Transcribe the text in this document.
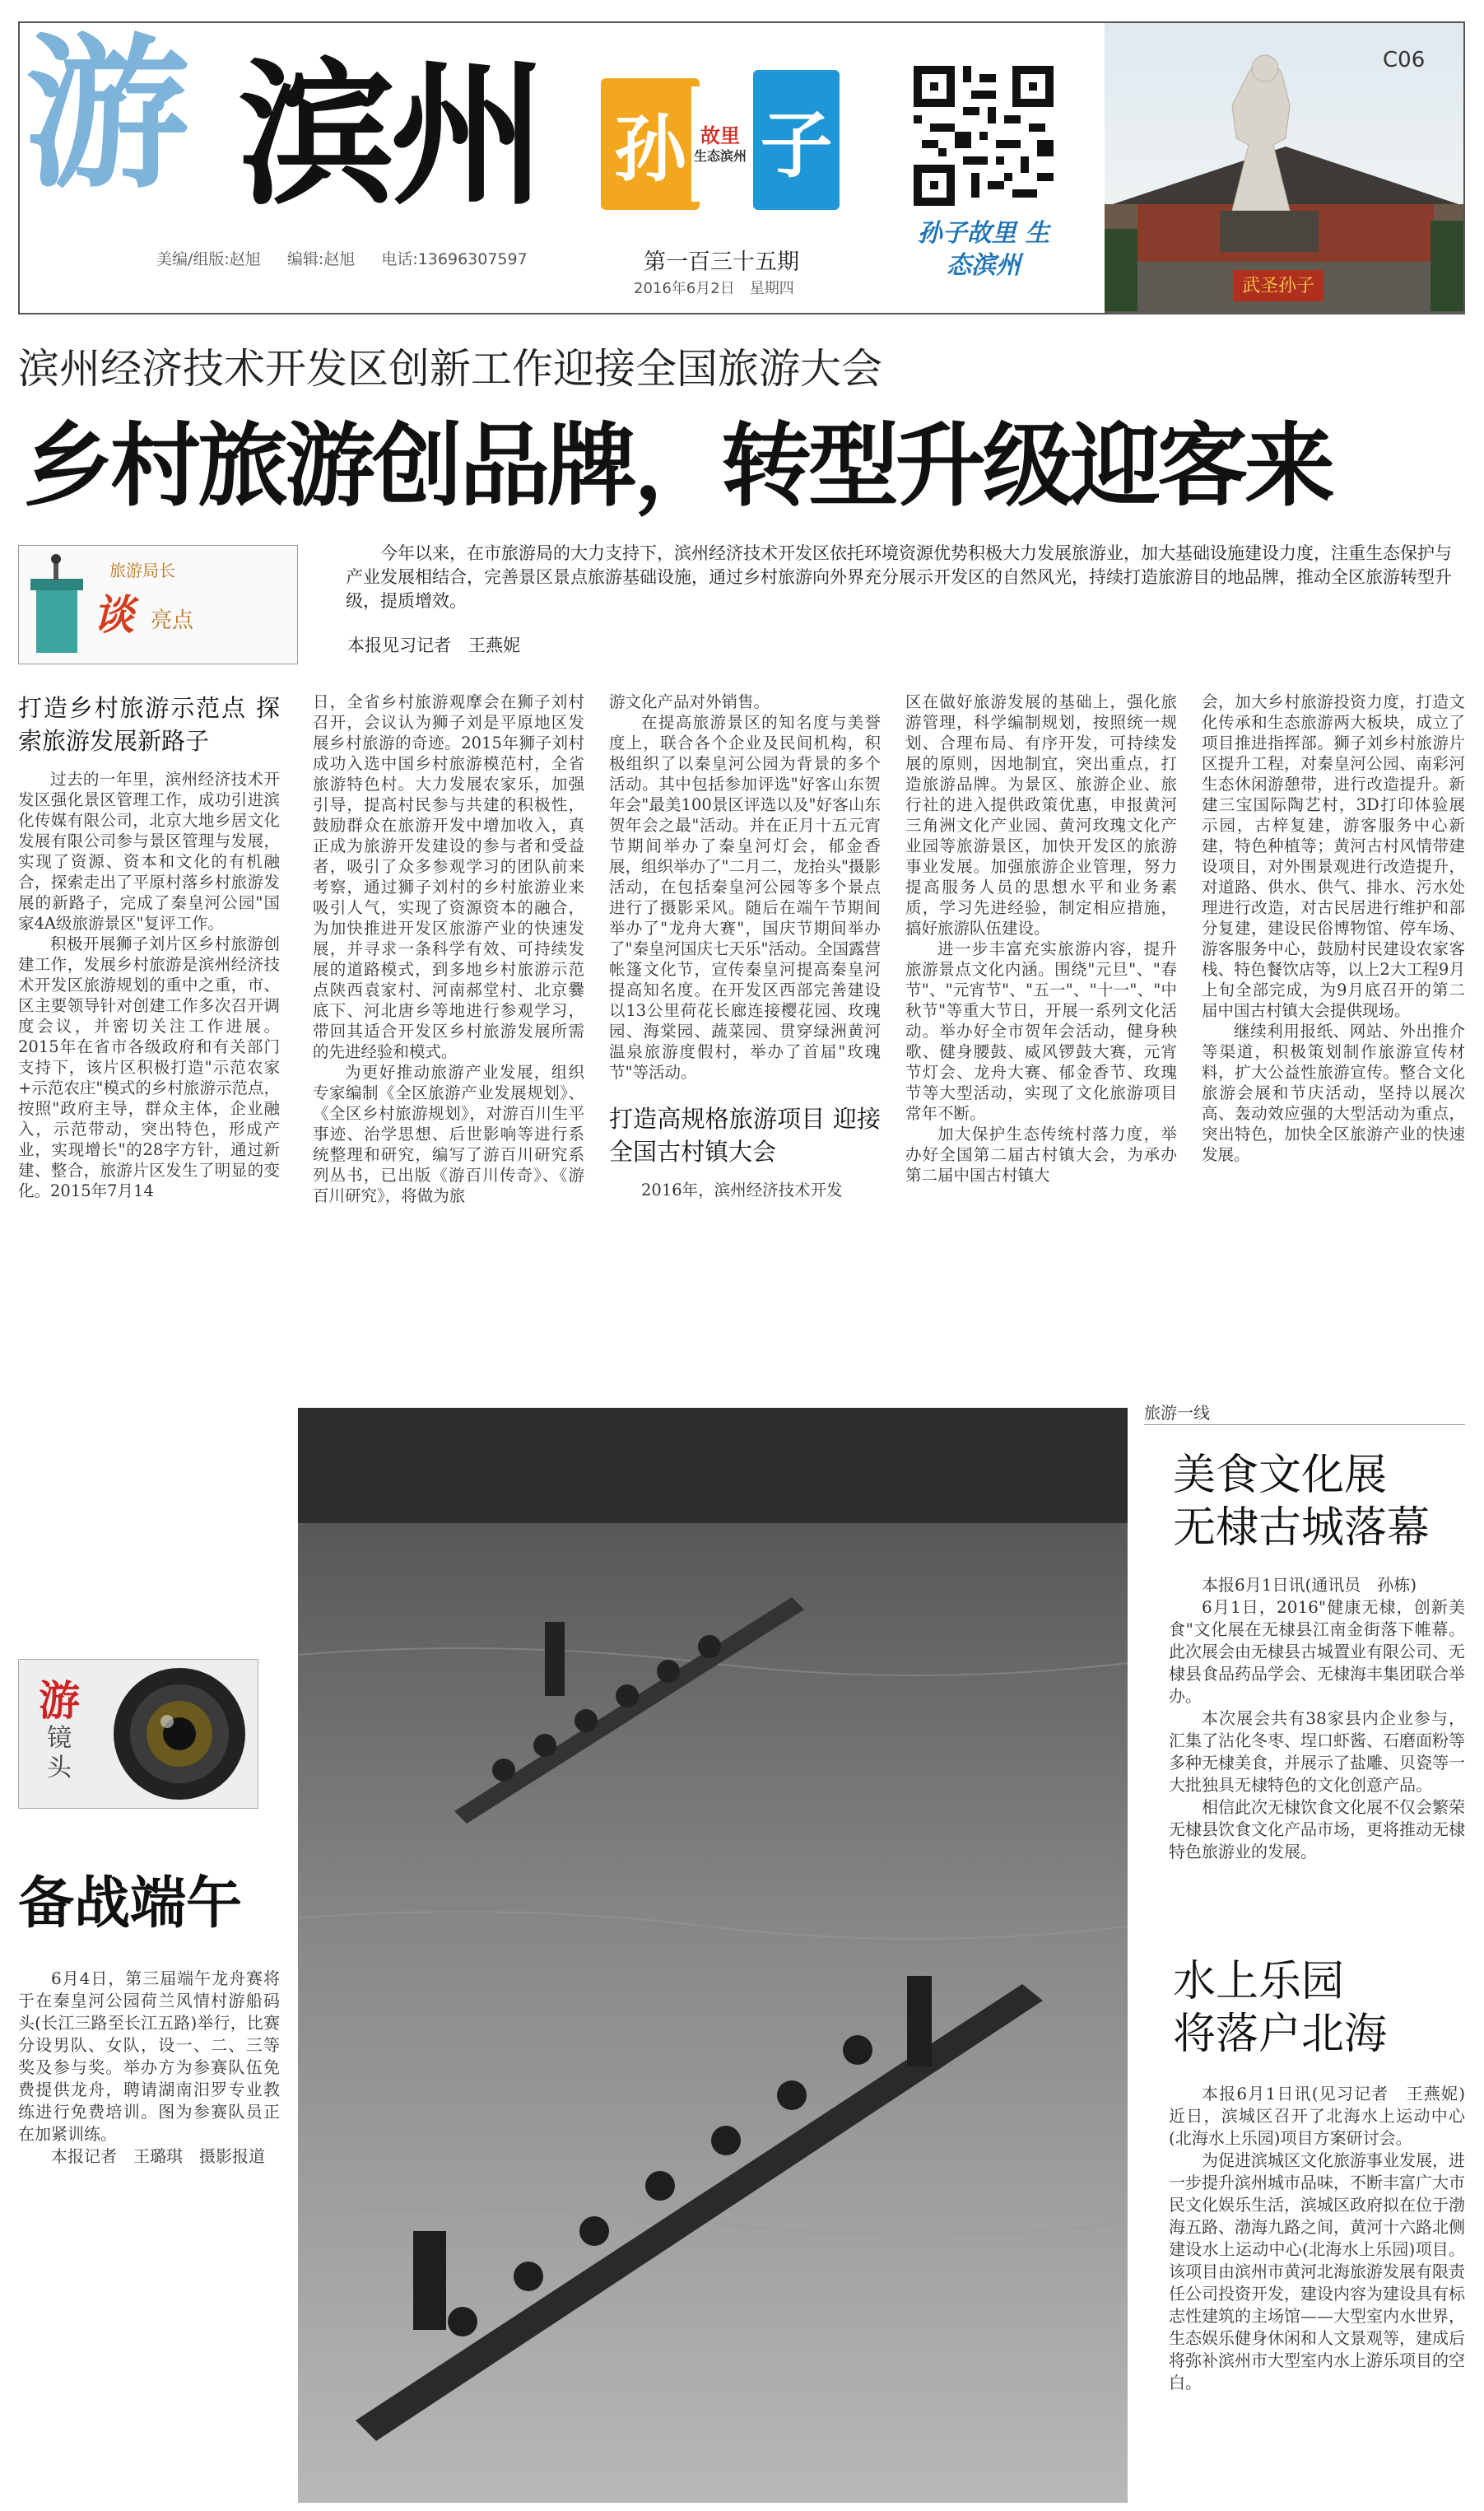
游 滨州
美编/组版:赵旭 编辑:赵旭 电话:13696307597
孙 故里
生态滨州 子
第一百三十五期
2016年6月2日　星期四
孙子故里 生态滨州
武圣孙子
C06
滨州经济技术开发区创新工作迎接全国旅游大会
乡村旅游创品牌，转型升级迎客来
旅游局长
谈 亮点
今年以来，在市旅游局的大力支持下，滨州经济技术开发区依托环境资源优势积极大力发展旅游业，加大基础设施建设力度，注重生态保护与产业发展相结合，完善景区景点旅游基础设施，通过乡村旅游向外界充分展示开发区的自然风光，持续打造旅游目的地品牌，推动全区旅游转型升级，提质增效。
本报见习记者　王燕妮
打造乡村旅游示范点 探索旅游发展新路子

过去的一年里，滨州经济技术开发区强化景区管理工作，成功引进滨化传媒有限公司，北京大地乡居文化发展有限公司参与景区管理与发展，实现了资源、资本和文化的有机融合，探索走出了平原村落乡村旅游发展的新路子，完成了秦皇河公园"国家4A级旅游景区"复评工作。

积极开展狮子刘片区乡村旅游创建工作，发展乡村旅游是滨州经济技术开发区旅游规划的重中之重，市、区主要领导针对创建工作多次召开调度会议，并密切关注工作进展。2015年在省市各级政府和有关部门支持下，该片区积极打造"示范农家+示范农庄"模式的乡村旅游示范点，按照"政府主导，群众主体，企业融入，示范带动，突出特色，形成产业，实现增长"的28字方针，通过新建、整合，旅游片区发生了明显的变化。2015年7月14

日，全省乡村旅游观摩会在狮子刘村召开，会议认为狮子刘是平原地区发展乡村旅游的奇迹。2015年狮子刘村成功入选中国乡村旅游模范村，全省旅游特色村。大力发展农家乐，加强引导，提高村民参与共建的积极性，鼓励群众在旅游开发中增加收入，真正成为旅游开发建设的参与者和受益者，吸引了众多参观学习的团队前来考察，通过狮子刘村的乡村旅游业来吸引人气，实现了资源资本的融合，为加快推进开发区旅游产业的快速发展，并寻求一条科学有效、可持续发展的道路模式，到多地乡村旅游示范点陕西袁家村、河南郝堂村、北京爨底下、河北唐乡等地进行参观学习，带回其适合开发区乡村旅游发展所需的先进经验和模式。

为更好推动旅游产业发展，组织专家编制《全区旅游产业发展规划》、《全区乡村旅游规划》，对游百川生平事迹、治学思想、后世影响等进行系统整理和研究，编写了游百川研究系列丛书，已出版《游百川传奇》、《游百川研究》，将做为旅

游文化产品对外销售。

在提高旅游景区的知名度与美誉度上，联合各个企业及民间机构，积极组织了以秦皇河公园为背景的多个活动。其中包括参加评选"好客山东贺年会"最美100景区评选以及"好客山东贺年会之最"活动。并在正月十五元宵节期间举办了秦皇河灯会，郁金香展，组织举办了"二月二，龙抬头"摄影活动，在包括秦皇河公园等多个景点进行了摄影采风。随后在端午节期间举办了"龙舟大赛"，国庆节期间举办了"秦皇河国庆七天乐"活动。全国露营帐篷文化节，宣传秦皇河提高秦皇河提高知名度。在开发区西部完善建设以13公里荷花长廊连接樱花园、玫瑰园、海棠园、蔬菜园、贯穿绿洲黄河温泉旅游度假村，举办了首届"玫瑰节"等活动。

打造高规格旅游项目 迎接全国古村镇大会

2016年，滨州经济技术开发

区在做好旅游发展的基础上，强化旅游管理，科学编制规划，按照统一规划、合理布局、有序开发，可持续发展的原则，因地制宜，突出重点，打造旅游品牌。为景区、旅游企业、旅行社的进入提供政策优惠，申报黄河三角洲文化产业园、黄河玫瑰文化产业园等旅游景区，加快开发区的旅游事业发展。加强旅游企业管理，努力提高服务人员的思想水平和业务素质，学习先进经验，制定相应措施，搞好旅游队伍建设。

进一步丰富充实旅游内容，提升旅游景点文化内涵。围绕"元旦"、"春节"、"元宵节"、"五一"、"十一"、"中秋节"等重大节日，开展一系列文化活动。举办好全市贺年会活动，健身秧歌、健身腰鼓、威风锣鼓大赛，元宵节灯会、龙舟大赛、郁金香节、玫瑰节等大型活动，实现了文化旅游项目常年不断。

加大保护生态传统村落力度，举办好全国第二届古村镇大会，为承办第二届中国古村镇大

会，加大乡村旅游投资力度，打造文化传承和生态旅游两大板块，成立了项目推进指挥部。狮子刘乡村旅游片区提升工程，对秦皇河公园、南彩河生态休闲游憩带，进行改造提升。新建三宝国际陶艺村，3D打印体验展示园，古梓复建，游客服务中心新建，特色种植等；黄河古村风情带建设项目，对外围景观进行改造提升，对道路、供水、供气、排水、污水处理进行改造，对古民居进行维护和部分复建，建设民俗博物馆、停车场、游客服务中心，鼓励村民建设农家客栈、特色餐饮店等，以上2大工程9月上旬全部完成，为9月底召开的第二届中国古村镇大会提供现场。

继续利用报纸、网站、外出推介等渠道，积极策划制作旅游宣传材料，扩大公益性旅游宣传。整合文化旅游会展和节庆活动，坚持以展次高、轰动效应强的大型活动为重点，突出特色，加快全区旅游产业的快速发展。

游
镜头
备战端午

6月4日，第三届端午龙舟赛将于在秦皇河公园荷兰风情村游船码头(长江三路至长江五路)举行，比赛分设男队、女队，设一、二、三等奖及参与奖。举办方为参赛队伍免费提供龙舟，聘请湖南汨罗专业教练进行免费培训。图为参赛队员正在加紧训练。

本报记者　王璐琪　摄影报道

旅游一线
美食文化展
无棣古城落幕

本报6月1日讯(通讯员　孙栋)

6月1日，2016"健康无棣，创新美食"文化展在无棣县江南金街落下帷幕。此次展会由无棣县古城置业有限公司、无棣县食品药品学会、无棣海丰集团联合举办。

本次展会共有38家县内企业参与，汇集了沾化冬枣、埕口虾酱、石磨面粉等多种无棣美食，并展示了盐雕、贝瓷等一大批独具无棣特色的文化创意产品。

相信此次无棣饮食文化展不仅会繁荣无棣县饮食文化产品市场，更将推动无棣特色旅游业的发展。

水上乐园
将落户北海

本报6月1日讯(见习记者　王燕妮)　近日，滨城区召开了北海水上运动中心(北海水上乐园)项目方案研讨会。

为促进滨城区文化旅游事业发展，进一步提升滨州城市品味，不断丰富广大市民文化娱乐生活，滨城区政府拟在位于渤海五路、渤海九路之间，黄河十六路北侧建设水上运动中心(北海水上乐园)项目。该项目由滨州市黄河北海旅游发展有限责任公司投资开发，建设内容为建设具有标志性建筑的主场馆——大型室内水世界，生态娱乐健身休闲和人文景观等，建成后将弥补滨州市大型室内水上游乐项目的空白。
